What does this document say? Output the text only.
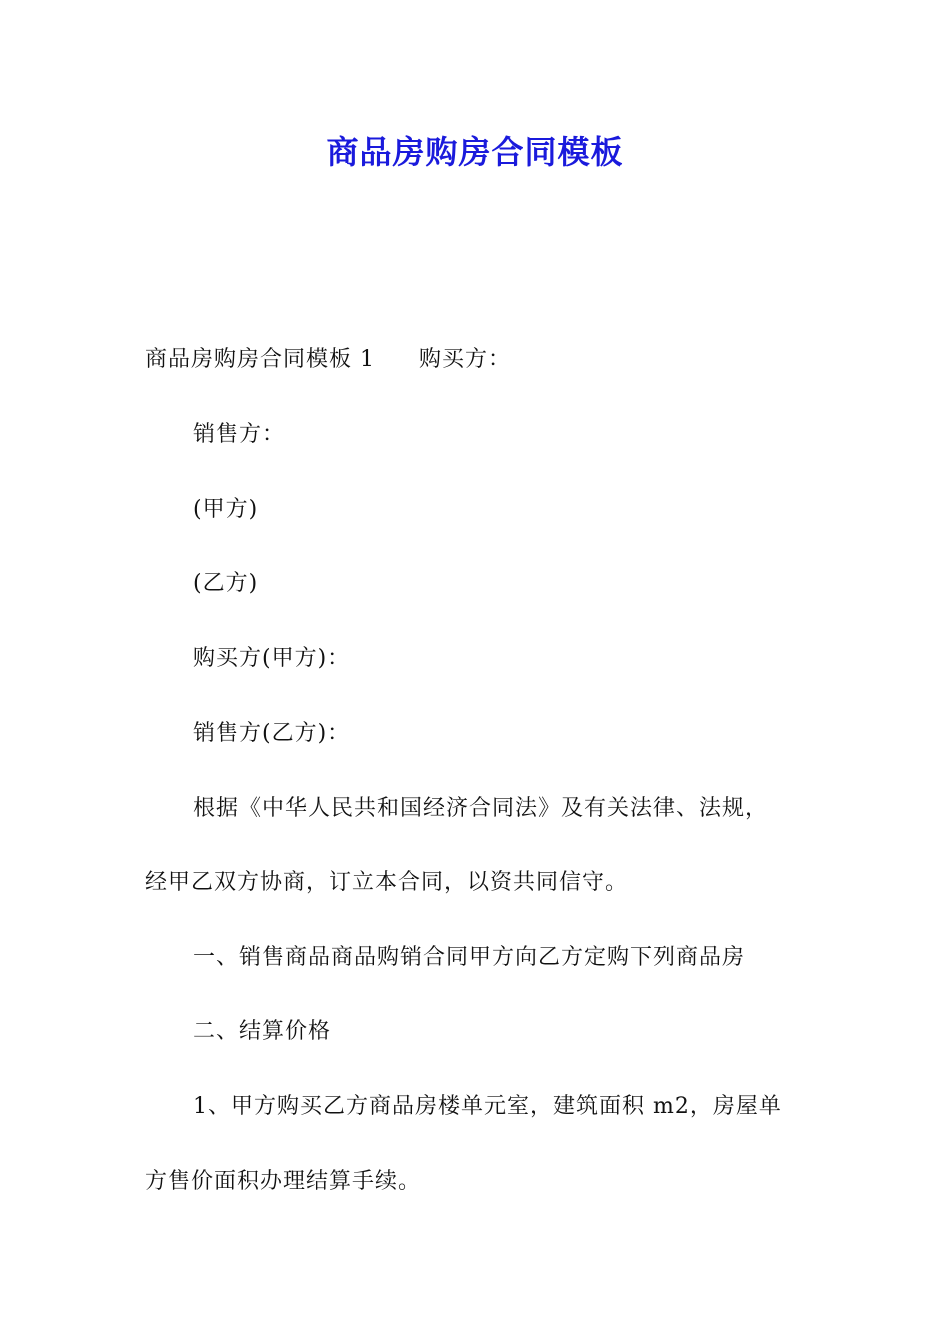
商品房购房合同模板
商品房购房合同模板 1 购买方：
销售方：
(甲方)
(乙方)
购买方(甲方)：
销售方(乙方)：
根据《中华人民共和国经济合同法》及有关法律、法规，
经甲乙双方协商，订立本合同，以资共同信守。
一、销售商品商品购销合同甲方向乙方定购下列商品房
二、结算价格
1、甲方购买乙方商品房楼单元室，建筑面积 m2，房屋单
方售价面积办理结算手续。
